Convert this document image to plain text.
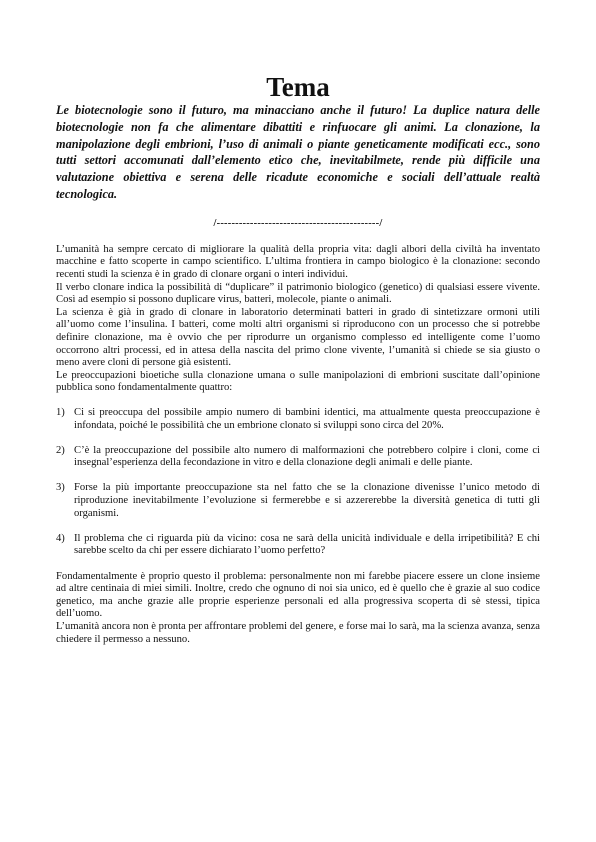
Tema

Le biotecnologie sono il futuro, ma minacciano anche il futuro! La duplice natura delle biotecnologie non fa che alimentare dibattiti e rinfuocare gli animi. La clonazione, la manipolazione degli embrioni, l’uso di animali o piante geneticamente modificati ecc., sono tutti settori accomunati dall’elemento etico che, inevitabilmete, rende più difficile una valutazione obiettiva e serena delle ricadute economiche e sociali dell’attuale realtà tecnologica.

/--------------------------------------------/

L’umanità ha sempre cercato di migliorare la qualità della propria vita: dagli albori della civiltà ha inventato macchine e fatto scoperte in campo scientifico. L’ultima frontiera in campo biologico è la clonazione: secondo recenti studi la scienza è in grado di clonare organi o interi individui.

Il verbo clonare indica la possibilità di “duplicare” il patrimonio biologico (genetico) di qualsiasi essere vivente. Così ad esempio si possono duplicare virus, batteri, molecole, piante o animali.

La scienza è già in grado di clonare in laboratorio determinati batteri in grado di sintetizzare ormoni utili all’uomo come l’insulina. I batteri, come molti altri organismi si riproducono con un processo che si potrebbe definire clonazione, ma è ovvio che per riprodurre un organismo complesso ed intelligente come l’uomo occorrono altri processi, ed in attesa della nascita del primo clone vivente, l’umanità si chiede se sia giusto o meno avere cloni di persone già esistenti.

Le preoccupazioni bioetiche sulla clonazione umana o sulle manipolazioni di embrioni suscitate dall’opinione pubblica sono fondamentalmente quattro:

1) Ci si preoccupa del possibile ampio numero di bambini identici, ma attualmente questa preoccupazione è infondata, poiché le possibilità che un embrione clonato si sviluppi sono circa del 20%.
2) C’è la preoccupazione del possibile alto numero di malformazioni che potrebbero colpire i cloni, come ci insegnal’esperienza della fecondazione in vitro e della clonazione degli animali e delle piante.
3) Forse la più importante preoccupazione sta nel fatto che se la clonazione divenisse l’unico metodo di riproduzione inevitabilmente l’evoluzione si fermerebbe e si azzererebbe la diversità genetica di tutti gli organismi.
4) Il problema che ci riguarda più da vicino: cosa ne sarà della unicità individuale e della irripetibilità? E chi sarebbe scelto da chi per essere dichiarato l’uomo perfetto?

Fondamentalmente è proprio questo il problema: personalmente non mi farebbe piacere essere un clone insieme ad altre centinaia di miei simili. Inoltre, credo che ognuno di noi sia unico, ed è quello che è grazie al suo codice genetico, ma anche grazie alle proprie esperienze personali ed alla progressiva scoperta di sè stessi, tipica dell’uomo.

L’umanità ancora non è pronta per affrontare problemi del genere, e forse mai lo sarà, ma la scienza avanza, senza chiedere il permesso a nessuno.
